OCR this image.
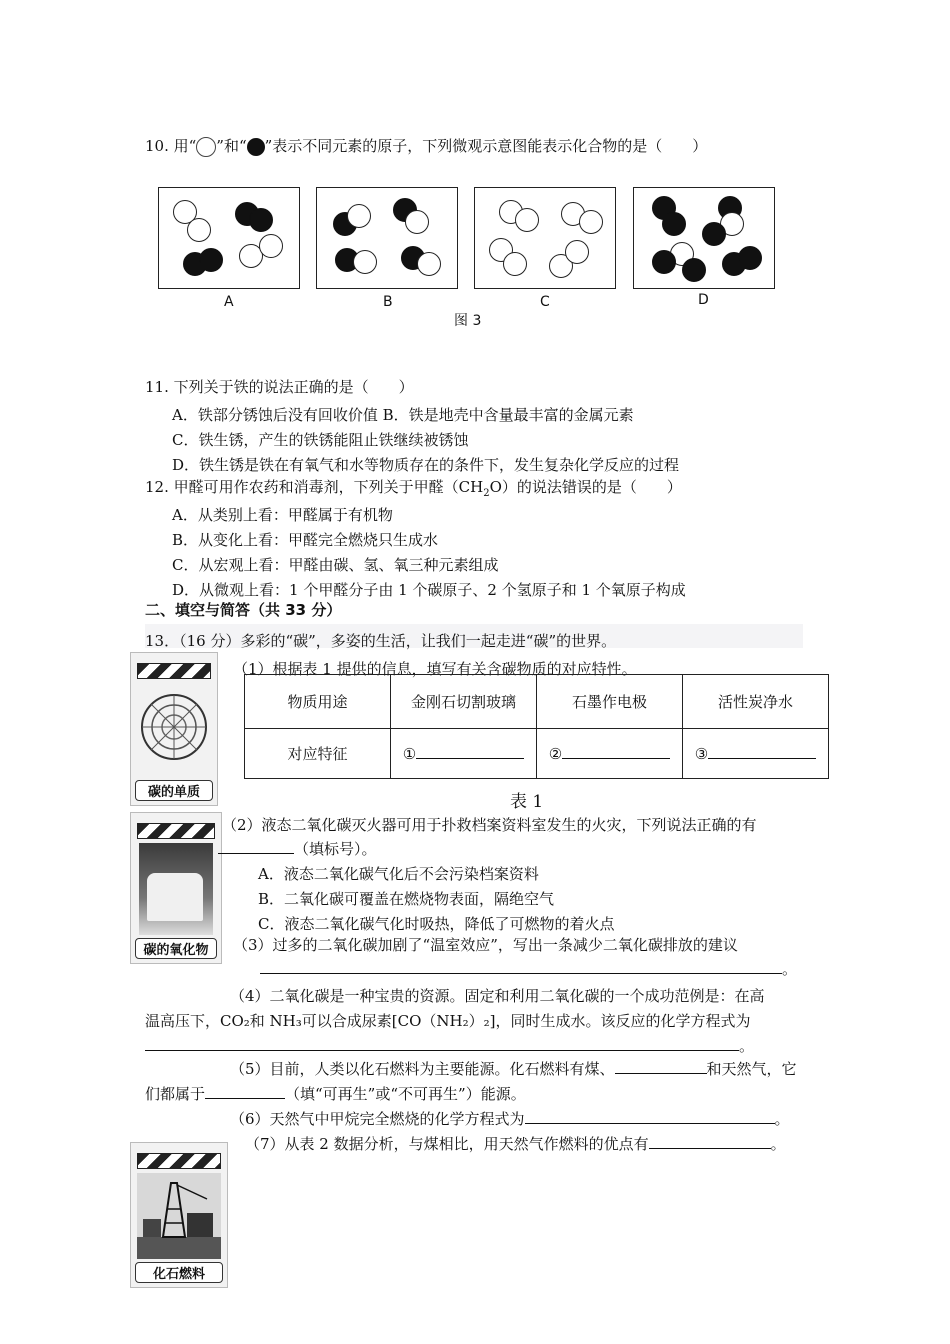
10. 用“ ”和“ ”表示不同元素的原子，下列微观示意图能表示化合物的是（　　）
A	B	C	D
图 3
11. 下列关于铁的说法正确的是（　　）
A．铁部分锈蚀后没有回收价值 B．铁是地壳中含量最丰富的金属元素
C．铁生锈，产生的铁锈能阻止铁继续被锈蚀
D．铁生锈是铁在有氧气和水等物质存在的条件下，发生复杂化学反应的过程
12. 甲醛可用作农药和消毒剂，下列关于甲醛$(CH_2O)$的说法错误的是（　　）
A．从类别上看：甲醛属于有机物
B．从变化上看：甲醛完全燃烧只生成水
C．从宏观上看：甲醛由碳、氢、氧三种元素组成
D．从微观上看：1 个甲醛分子由 1 个碳原子、2 个氢原子和 1 个氧原子构成
二、填空与简答（共 33 分）
13．（16 分）多彩的“碳”，多姿的生活，让我们一起走进“碳”的世界。
碳的单质
（1）根据表 1 提供的信息，填写有关含碳物质的对应特性。
物质用途	金刚石切割玻璃	石墨作电极	活性炭净水
对应特征	①	②	③
表 1
碳的氧化物
（2）液态二氧化碳灭火器可用于扑救档案资料室发生的火灾，下列说法正确的有
（填标号）。
A．液态二氧化碳气化后不会污染档案资料
B．二氧化碳可覆盖在燃烧物表面，隔绝空气
C．液态二氧化碳气化时吸热，降低了可燃物的着火点
（3）过多的二氧化碳加剧了“温室效应”，写出一条减少二氧化碳排放的建议
。
（4）二氧化碳是一种宝贵的资源。固定和利用二氧化碳的一个成功范例是：在高
温高压下，CO₂和 NH₃可以合成尿素[CO（NH₂）₂]，同时生成水。该反应的化学方程式为
。
（5）目前，人类以化石燃料为主要能源。化石燃料有煤、	和天然气，它
们都属于	（填“可再生”或“不可再生”）能源。
（6）天然气中甲烷完全燃烧的化学方程式为	。
（7）从表 2 数据分析，与煤相比，用天然气作燃料的优点有	。
化石燃料
